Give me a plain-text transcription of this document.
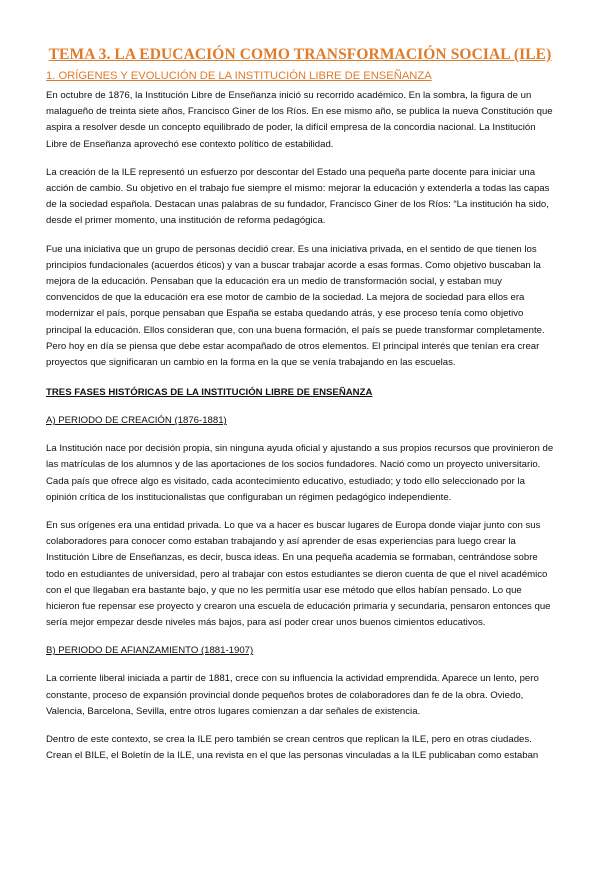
TEMA 3. LA EDUCACIÓN COMO TRANSFORMACIÓN SOCIAL (ILE)
1. ORÍGENES Y EVOLUCIÓN DE LA INSTITUCIÓN LIBRE DE ENSEÑANZA

En octubre de 1876, la Institución Libre de Enseñanza inició su recorrido académico. En la sombra, la figura de un malagueño de treinta siete años, Francisco Giner de los Ríos. En ese mismo año, se publica la nueva Constitución que aspira a resolver desde un concepto equilibrado de poder, la difícil empresa de la concordia nacional. La Institución Libre de Enseñanza aprovechó ese contexto político de estabilidad.

La creación de la ILE representó un esfuerzo por descontar del Estado una pequeña parte docente para iniciar una acción de cambio. Su objetivo en el trabajo fue siempre el mismo: mejorar la educación y extenderla a todas las capas de la sociedad española. Destacan unas palabras de su fundador, Francisco Giner de los Ríos: “La institución ha sido, desde el primer momento, una institución de reforma pedagógica.

Fue una iniciativa que un grupo de personas decidió crear. Es una iniciativa privada, en el sentido de que tienen los principios fundacionales (acuerdos éticos) y van a buscar trabajar acorde a esas formas. Como objetivo buscaban la mejora de la educación. Pensaban que la educación era un medio de transformación social, y estaban muy convencidos de que la educación era ese motor de cambio de la sociedad. La mejora de sociedad para ellos era modernizar el país, porque pensaban que España se estaba quedando atrás, y ese proceso tenía como objetivo principal la educación. Ellos consideran que, con una buena formación, el país se puede transformar completamente. Pero hoy en día se piensa que debe estar acompañado de otros elementos. El principal interés que tenían era crear proyectos que significaran un cambio en la forma en la que se venía trabajando en las escuelas.

TRES FASES HISTÓRICAS DE LA INSTITUCIÓN LIBRE DE ENSEÑANZA
A) PERIODO DE CREACIÓN (1876-1881)

La Institución nace por decisión propia, sin ninguna ayuda oficial y ajustando a sus propios recursos que provinieron de las matrículas de los alumnos y de las aportaciones de los socios fundadores. Nació como un proyecto universitario. Cada país que ofrece algo es visitado, cada acontecimiento educativo, estudiado; y todo ello seleccionado por la opinión crítica de los institucionalistas que configuraban un régimen pedagógico independiente.

En sus orígenes era una entidad privada. Lo que va a hacer es buscar lugares de Europa donde viajar junto con sus colaboradores para conocer como estaban trabajando y así aprender de esas experiencias para luego crear la Institución Libre de Enseñanzas, es decir, busca ideas. En una pequeña academia se formaban, centrándose sobre todo en estudiantes de universidad, pero al trabajar con estos estudiantes se dieron cuenta de que el nivel académico con el que llegaban era bastante bajo, y que no les permitía usar ese método que ellos habían pensado. Lo que hicieron fue repensar ese proyecto y crearon una escuela de educación primaria y secundaria, pensaron entonces que sería mejor empezar desde niveles más bajos, para así poder crear unos buenos cimientos educativos.

B) PERIODO DE AFIANZAMIENTO (1881-1907)

La corriente liberal iniciada a partir de 1881, crece con su influencia la actividad emprendida. Aparece un lento, pero constante, proceso de expansión provincial donde pequeños brotes de colaboradores dan fe de la obra. Oviedo, Valencia, Barcelona, Sevilla, entre otros lugares comienzan a dar señales de existencia.

Dentro de este contexto, se crea la ILE pero también se crean centros que replican la ILE, pero en otras ciudades. Crean el BILE, el Boletín de la ILE, una revista en el que las personas vinculadas a la ILE publicaban como estaban
